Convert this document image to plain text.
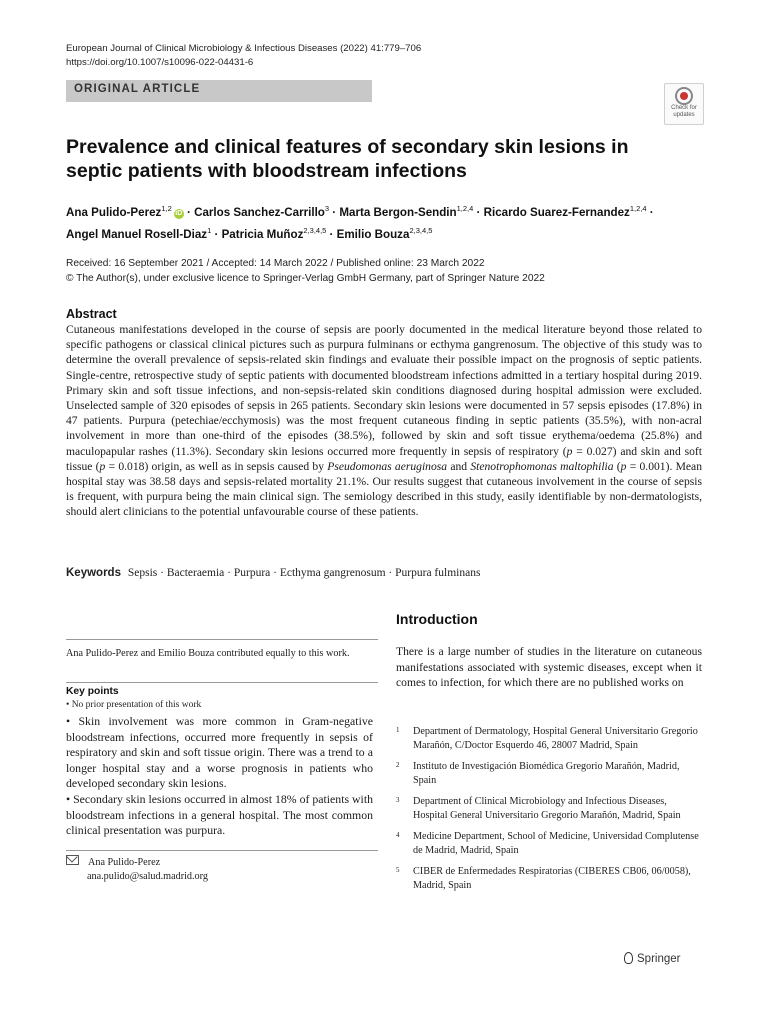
European Journal of Clinical Microbiology & Infectious Diseases (2022) 41:779–706
https://doi.org/10.1007/s10096-022-04431-6
ORIGINAL ARTICLE
Check for updates
Prevalence and clinical features of secondary skin lesions in septic patients with bloodstream infections
Ana Pulido-Perez$^{1,2}$iD · Carlos Sanchez-Carrillo$^3$ · Marta Bergon-Sendin$^{1,2,4}$ · Ricardo Suarez-Fernandez$^{1,2,4}$ ·
Angel Manuel Rosell-Diaz$^1$ · Patricia Muñoz$^{2,3,4,5}$ · Emilio Bouza$^{2,3,4,5}$
Received: 16 September 2021 / Accepted: 14 March 2022 / Published online: 23 March 2022
© The Author(s), under exclusive licence to Springer-Verlag GmbH Germany, part of Springer Nature 2022
Abstract
Cutaneous manifestations developed in the course of sepsis are poorly documented in the medical literature beyond those related to specific pathogens or classical clinical pictures such as purpura fulminans or ecthyma gangrenosum. The objective of this study was to determine the overall prevalence of sepsis-related skin findings and evaluate their possible impact on the prognosis of septic patients. Single-centre, retrospective study of septic patients with documented bloodstream infections admitted in a tertiary hospital during 2019. Primary skin and soft tissue infections, and non-sepsis-related skin conditions diagnosed during hospital admission were excluded. Unselected sample of 320 episodes of sepsis in 265 patients. Secondary skin lesions were documented in 57 sepsis episodes (17.8%) in 47 patients. Purpura (petechiae/ecchymosis) was the most frequent cutaneous finding in septic patients (35.5%), with non-acral involvement in more than one-third of the episodes (38.5%), followed by skin and soft tissue erythema/oedema (25.8%) and maculopapular rashes (11.3%). Secondary skin lesions occurred more frequently in sepsis of respiratory (p = 0.027) and skin and soft tissue (p = 0.018) origin, as well as in sepsis caused by Pseudomonas aeruginosa and Stenotrophomonas maltophilia (p = 0.001). Mean hospital stay was 38.58 days and sepsis-related mortality 21.1%. Our results suggest that cutaneous involvement in the course of sepsis is frequent, with purpura being the main clinical sign. The semiology described in this study, easily identifiable by non-dermatologists, should alert clinicians to the potential unfavourable course of these patients.
Keywords Sepsis · Bacteraemia · Purpura · Ecthyma gangrenosum · Purpura fulminans
Introduction
There is a large number of studies in the literature on cutaneous manifestations associated with systemic diseases, except when it comes to infection, for which there are no published works on
Ana Pulido-Perez and Emilio Bouza contributed equally to this work.
Key points
• No prior presentation of this work
• Skin involvement was more common in Gram-negative bloodstream infections, occurred more frequently in sepsis of respiratory and skin and soft tissue origin. There was a trend to a longer hospital stay and a worse prognosis in patients who developed secondary skin lesions.
• Secondary skin lesions occurred in almost 18% of patients with bloodstream infections in a general hospital. The most common clinical presentation was purpura.
Ana Pulido-Perez
ana.pulido@salud.madrid.org
1 Department of Dermatology, Hospital General Universitario Gregorio Marañón, C/Doctor Esquerdo 46, 28007 Madrid, Spain
2 Instituto de Investigación Biomédica Gregorio Marañón, Madrid, Spain
3 Department of Clinical Microbiology and Infectious Diseases, Hospital General Universitario Gregorio Marañón, Madrid, Spain
4 Medicine Department, School of Medicine, Universidad Complutense de Madrid, Madrid, Spain
5 CIBER de Enfermedades Respiratorias (CIBERES CB06, 06/0058), Madrid, Spain
Springer
